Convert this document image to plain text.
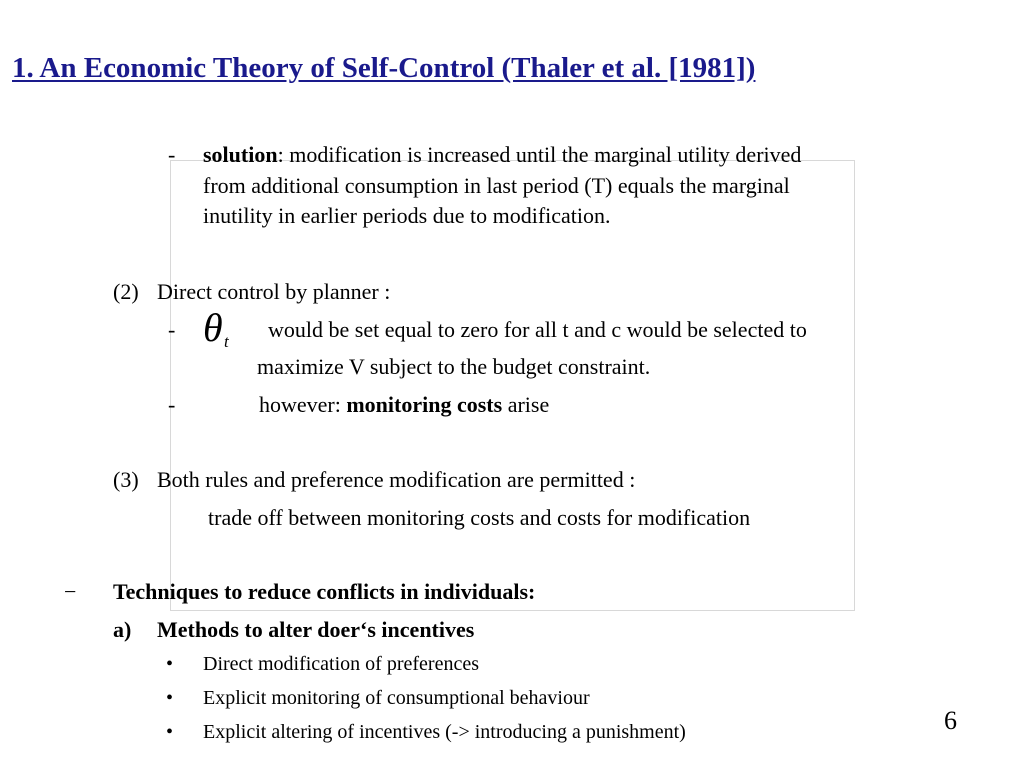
1. An Economic Theory of Self-Control (Thaler et al. [1981])
- solution: modification is increased until the marginal utility derived
from additional consumption in last period (T) equals the marginal
inutility in earlier periods due to modification.
(2) Direct control by planner :
- θ t would be set equal to zero for all t and c would be selected to
maximize V subject to the budget constraint.
-	however: monitoring costs arise
(3) Both rules and preference modification are permitted :
trade off between monitoring costs and costs for modification
− Techniques to reduce conflicts in individuals:
a) Methods to alter doer‘s incentives
• Direct modification of preferences
• Explicit monitoring of consumptional behaviour
• Explicit altering of incentives (-> introducing a punishment)	6
